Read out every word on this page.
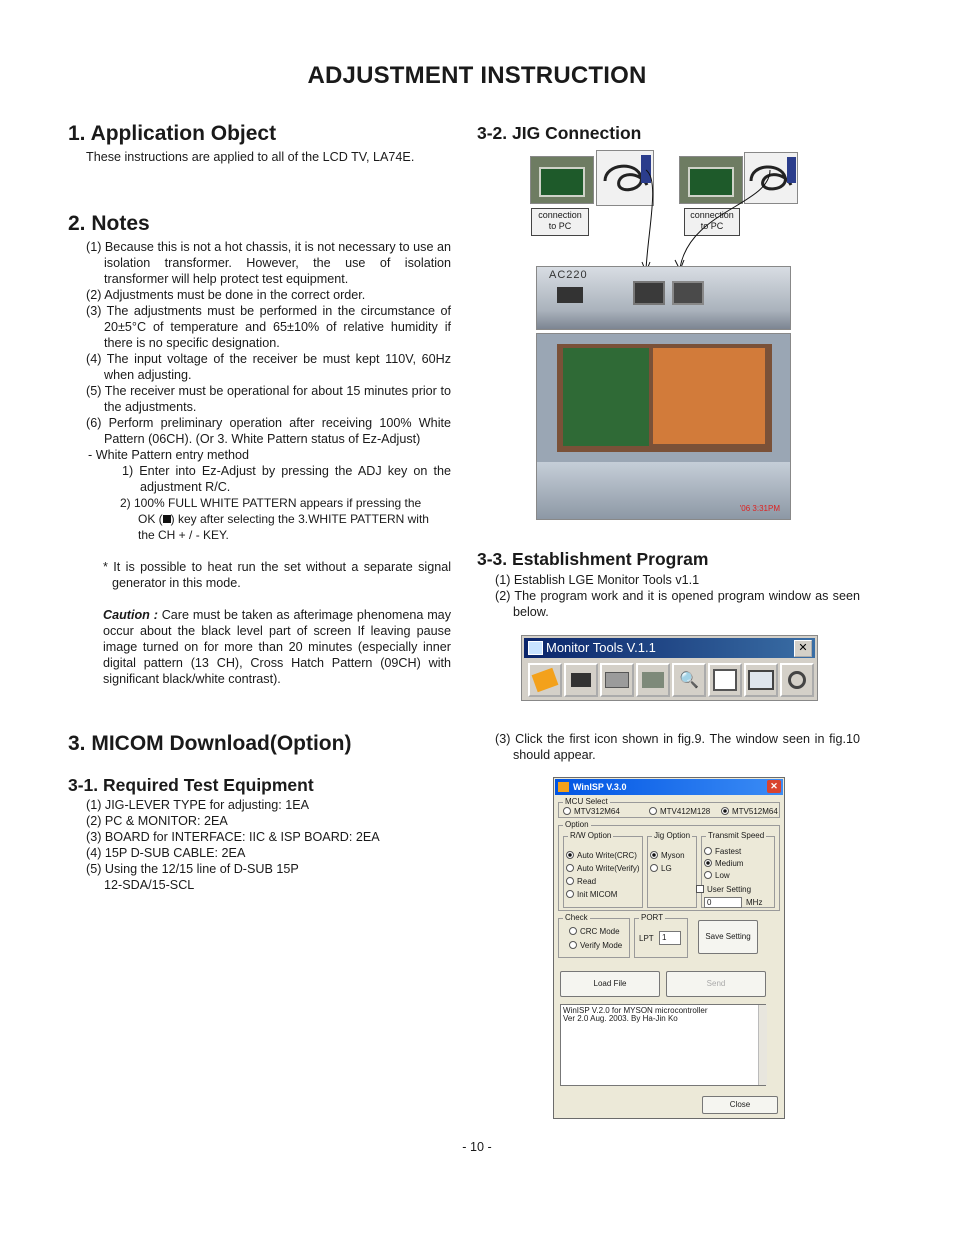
ADJUSTMENT INSTRUCTION
1. Application Object
These instructions are applied to all of the LCD TV, LA74E.
2. Notes

(1) Because this is not a hot chassis, it is not necessary to use an isolation transformer. However, the use of isolation transformer will help protect test equipment.

(2) Adjustments must be done in the correct order.

(3) The adjustments must be performed in the circumstance of 20±5°C of temperature and 65±10% of relative humidity if there is no specific designation.

(4) The input voltage of the receiver be must kept 110V, 60Hz when adjusting.

(5) The receiver must be operational for about 15 minutes prior to the adjustments.

(6) Perform preliminary operation after receiving 100% White Pattern (06CH). (Or 3. White Pattern status of Ez-Adjust)

- White Pattern entry method

1) Enter into Ez-Adjust by pressing the ADJ key on the adjustment R/C.

2) 100% FULL WHITE PATTERN appears if pressing the
OK ( ) key after selecting the 3.WHITE PATTERN with
the CH + / - KEY.

* It is possible to heat run the set without a separate signal generator in this mode.

Caution : Care must be taken as afterimage phenomena may occur about the black level part of screen If leaving pause image turned on for more than 20 minutes (especially inner digital pattern (13 CH), Cross Hatch Pattern (09CH) with significant black/white contrast).

3. MICOM Download(Option)
3-1. Required Test Equipment
(1) JIG-LEVER TYPE for adjusting: 1EA
(2) PC & MONITOR: 2EA
(3) BOARD for INTERFACE: IIC & ISP BOARD: 2EA
(4) 15P D-SUB CABLE: 2EA
(5) Using the 12/15 line of D-SUB 15P
12-SDA/15-SCL
- 10 -
3-2. JIG Connection
connection
to PC
connection
to PC
AC220
'06 3:31PM
3-3. Establishment Program
(1) Establish LGE Monitor Tools v1.1
(2) The program work and it is opened program window as seen below.
Monitor Tools V.1.1	✕
🔍
(3) Click the first icon shown in fig.9. The window seen in fig.10 should appear.
WinISP V.3.0	✕
MCU Select
MTV312M64	MTV412M128	MTV512M64
Option
R/W Option
Auto Write(CRC)
Auto Write(Verify)
Read
Init MICOM
Jig Option
Myson
LG
Transmit Speed
Fastest
Medium
Low
User Setting
0	MHz
Check
CRC Mode
Verify Mode
PORT
LPT	1	Save Setting
Load File	Send
WinISP V.2.0 for MYSON microcontroller
Ver 2.0 Aug. 2003. By Ha-Jin Ko
Close
